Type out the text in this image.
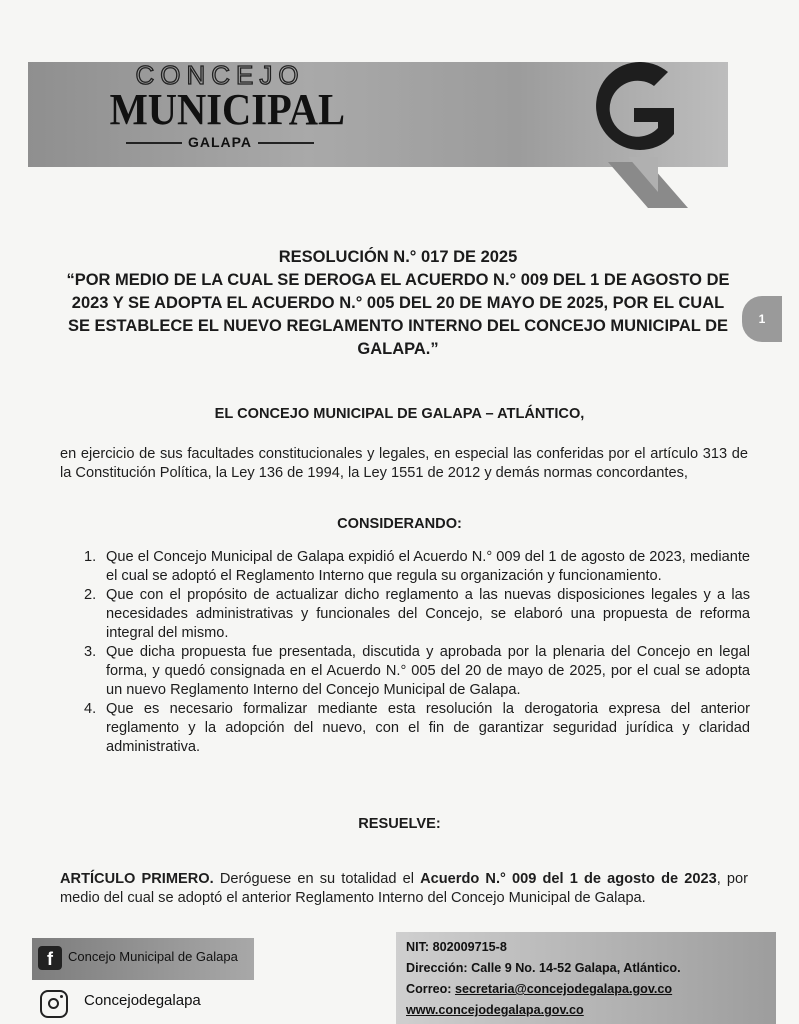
CONCEJO
MUNICIPAL
GALAPA
1
RESOLUCIÓN N.° 017 DE 2025
“POR MEDIO DE LA CUAL SE DEROGA EL ACUERDO N.° 009 DEL 1 DE AGOSTO DE
2023 Y SE ADOPTA EL ACUERDO N.° 005 DEL 20 DE MAYO DE 2025, POR EL CUAL
SE ESTABLECE EL NUEVO REGLAMENTO INTERNO DEL CONCEJO MUNICIPAL DE
GALAPA.”
EL CONCEJO MUNICIPAL DE GALAPA – ATLÁNTICO,
en ejercicio de sus facultades constitucionales y legales, en especial las conferidas por el artículo 313 de la Constitución Política, la Ley 136 de 1994, la Ley 1551 de 2012 y demás normas concordantes,
CONSIDERANDO:
1. Que el Concejo Municipal de Galapa expidió el Acuerdo N.° 009 del 1 de agosto de 2023, mediante el cual se adoptó el Reglamento Interno que regula su organización y funcionamiento.
2. Que con el propósito de actualizar dicho reglamento a las nuevas disposiciones legales y a las necesidades administrativas y funcionales del Concejo, se elaboró una propuesta de reforma integral del mismo.
3. Que dicha propuesta fue presentada, discutida y aprobada por la plenaria del Concejo en legal forma, y quedó consignada en el Acuerdo N.° 005 del 20 de mayo de 2025, por el cual se adopta un nuevo Reglamento Interno del Concejo Municipal de Galapa.
4. Que es necesario formalizar mediante esta resolución la derogatoria expresa del anterior reglamento y la adopción del nuevo, con el fin de garantizar seguridad jurídica y claridad administrativa.
RESUELVE:
ARTÍCULO PRIMERO. Deróguese en su totalidad el Acuerdo N.° 009 del 1 de agosto de 2023, por medio del cual se adoptó el anterior Reglamento Interno del Concejo Municipal de Galapa.
f	Concejo Municipal de Galapa
Concejodegalapa
NIT: 802009715-8
Dirección: Calle 9 No. 14-52 Galapa, Atlántico.
Correo: secretaria@concejodegalapa.gov.co
www.concejodegalapa.gov.co
